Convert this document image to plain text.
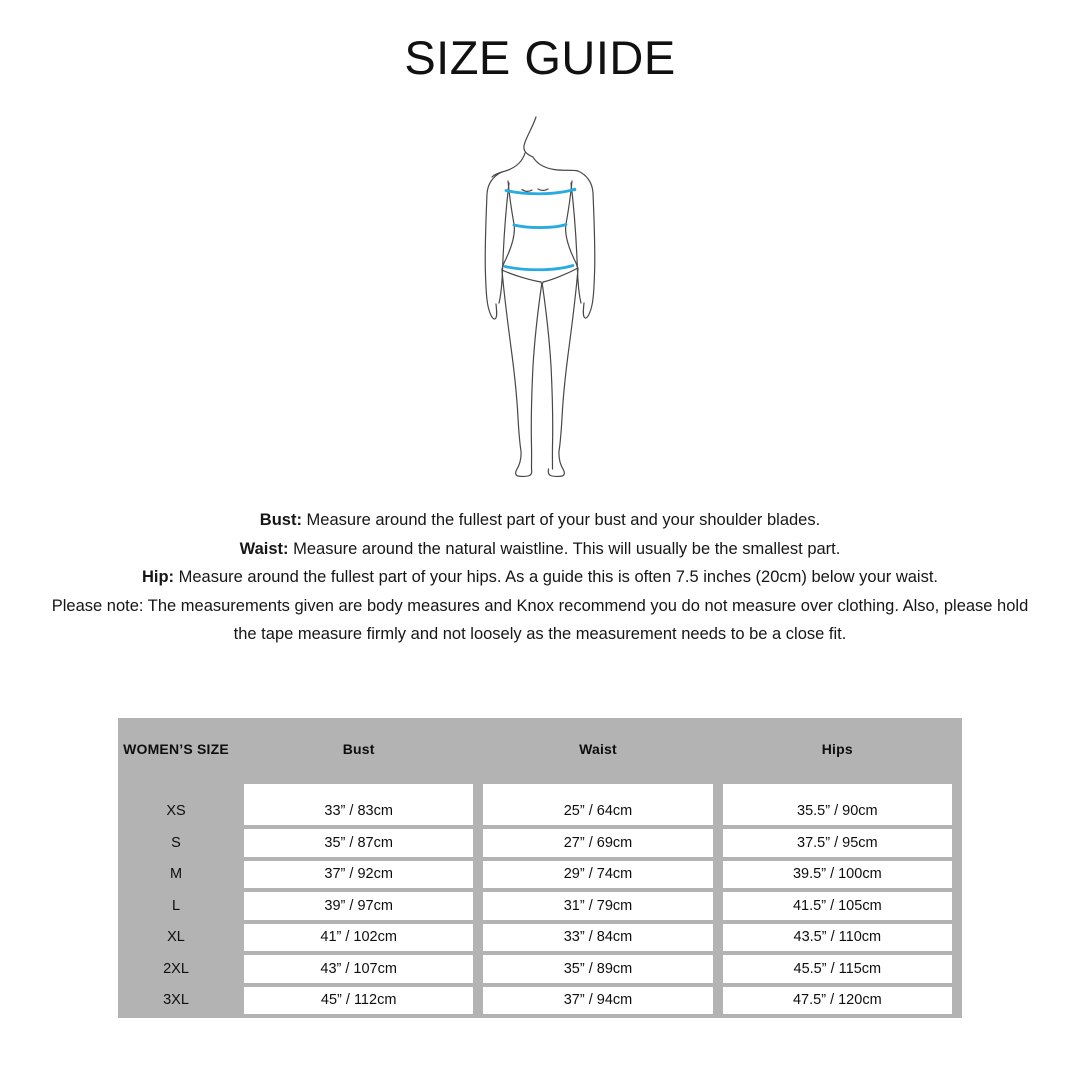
SIZE GUIDE

Bust: Measure around the fullest part of your bust and your shoulder blades.

Waist: Measure around the natural waistline. This will usually be the smallest part.

Hip: Measure around the fullest part of your hips. As a guide this is often 7.5 inches (20cm) below your waist.

Please note: The measurements given are body measures and Knox recommend you do not measure over clothing. Also, please hold the tape measure firmly and not loosely as the measurement needs to be a close fit.

WOMEN’S SIZE	Bust	Waist	Hips
XS	33” / 83cm	25” / 64cm	35.5” / 90cm
S	35” / 87cm	27” / 69cm	37.5” / 95cm
M	37” / 92cm	29” / 74cm	39.5” / 100cm
L	39” / 97cm	31” / 79cm	41.5” / 105cm
XL	41” / 102cm	33” / 84cm	43.5” / 110cm
2XL	43” / 107cm	35” / 89cm	45.5” / 115cm
3XL	45” / 112cm	37” / 94cm	47.5” / 120cm
